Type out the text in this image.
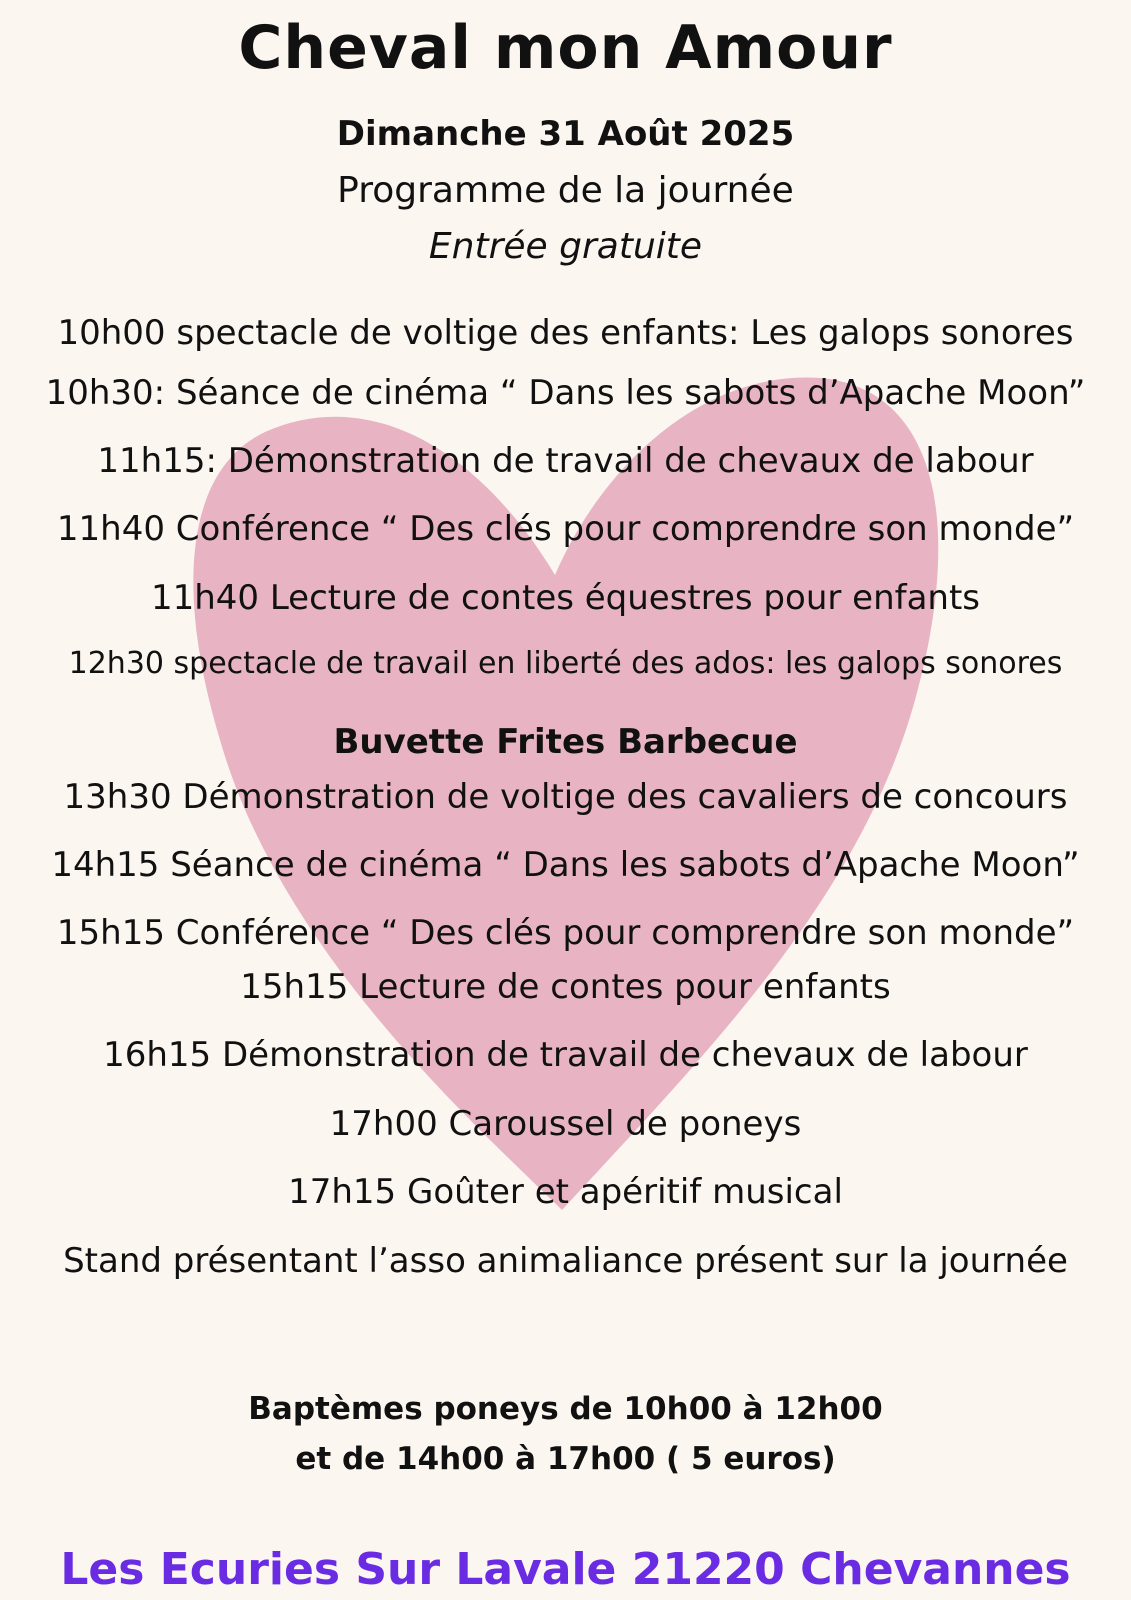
Cheval mon Amour
Dimanche 31 Août 2025
Programme de la journée
Entrée gratuite
10h00 spectacle de voltige des enfants: Les galops sonores
10h30: Séance de cinéma “ Dans les sabots d’Apache Moon”
11h15: Démonstration de travail de chevaux de labour
11h40 Conférence “ Des clés pour comprendre son monde”
11h40 Lecture de contes équestres pour enfants
12h30 spectacle de travail en liberté des ados: les galops sonores
Buvette Frites Barbecue
13h30 Démonstration de voltige des cavaliers de concours
14h15 Séance de cinéma “ Dans les sabots d’Apache Moon”
15h15 Conférence “ Des clés pour comprendre son monde”
15h15 Lecture de contes pour enfants
16h15 Démonstration de travail de chevaux de labour
17h00 Caroussel de poneys
17h15 Goûter et apéritif musical
Stand présentant l’asso animaliance présent sur la journée
Baptèmes poneys de 10h00 à 12h00
et de 14h00 à 17h00 ( 5 euros)
Les Ecuries Sur Lavale 21220 Chevannes
